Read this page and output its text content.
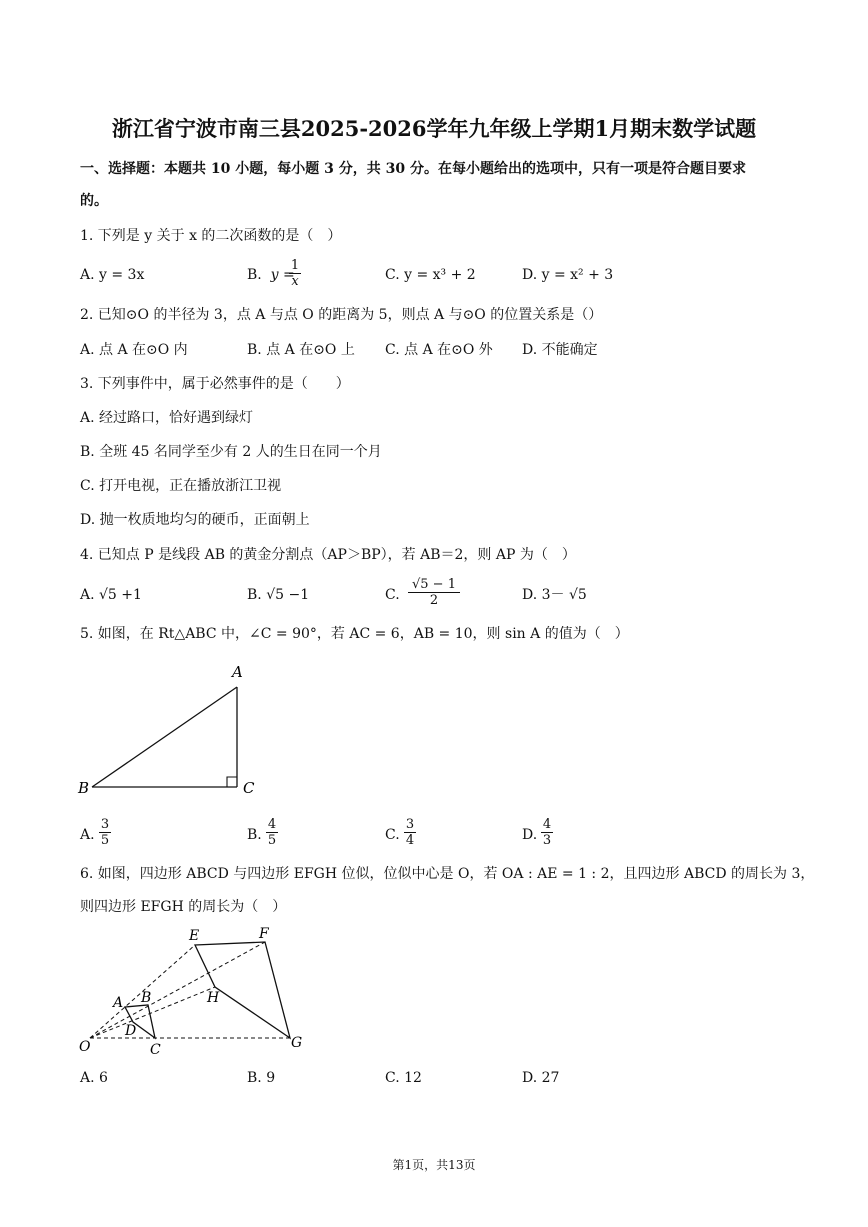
浙江省宁波市南三县2025-2026学年九年级上学期1月期末数学试题
一、选择题：本题共 10 小题，每小题 3 分，共 30 分。在每小题给出的选项中，只有一项是符合题目要求
的。
1. 下列是 y 关于 x 的二次函数的是（　）
A. y = 3x	B.  y =
$\frac{1}{x}$	C. y = x³ + 2	D. y = x² + 3
2. 已知⊙O 的半径为 3，点 A 与点 O 的距离为 5，则点 A 与⊙O 的位置关系是（）
A. 点 A 在⊙O 内	B. 点 A 在⊙O 上 C. 点 A 在⊙O 外 D. 不能确定
3. 下列事件中，属于必然事件的是（　　）
A. 经过路口，恰好遇到绿灯
B. 全班 45 名同学至少有 2 人的生日在同一个月
C. 打开电视，正在播放浙江卫视
D. 抛一枚质地均匀的硬币，正面朝上
4. 已知点 P 是线段 AB 的黄金分割点（AP＞BP），若 AB＝2，则 AP 为（　）
A. √5 +1	B. √5 −1	C. $\frac{√5 - 1}{2}$	D. 3－ √5
5. 如图，在 Rt△ABC 中，∠C = 90°，若 AC = 6，AB = 10，则 sin A 的值为（　）
A
B	C
A. $\frac{3}{5}$	B. $\frac{4}{5}$	C. $\frac{3}{4}$	D. $\frac{4}{3}$
6. 如图，四边形 ABCD 与四边形 EFGH 位似，位似中心是 O，若 OA : AE = 1 : 2，且四边形 ABCD 的周长为 3，
则四边形 EFGH 的周长为（　）
E	F
H
A B
D
O	C	G
A. 6	B. 9	C. 12	D. 27
第1页，共13页
